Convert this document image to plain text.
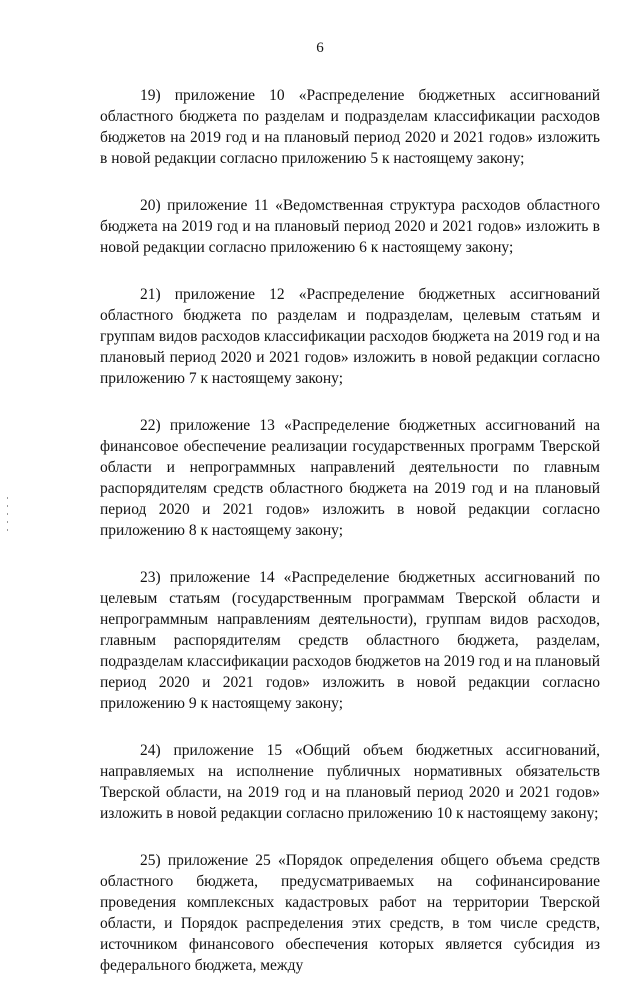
6

19) приложение 10 «Распределение бюджетных ассигнований областного бюджета по разделам и подразделам классификации расходов бюджетов на 2019 год и на плановый период 2020 и 2021 годов» изложить в новой редакции согласно приложению 5 к настоящему закону;

20) приложение 11 «Ведомственная структура расходов областного бюджета на 2019 год и на плановый период 2020 и 2021 годов» изложить в новой редакции согласно приложению 6 к настоящему закону;

21) приложение 12 «Распределение бюджетных ассигнований областного бюджета по разделам и подразделам, целевым статьям и группам видов расходов классификации расходов бюджета на 2019 год и на плановый период 2020 и 2021 годов» изложить в новой редакции согласно приложению 7 к настоящему закону;

22) приложение 13 «Распределение бюджетных ассигнований на финансовое обеспечение реализации государственных программ Тверской области и непрограммных направлений деятельности по главным распорядителям средств областного бюджета на 2019 год и на плановый период 2020 и 2021 годов» изложить в новой редакции согласно приложению 8 к настоящему закону;

23) приложение 14 «Распределение бюджетных ассигнований по целевым статьям (государственным программам Тверской области и непрограммным направлениям деятельности), группам видов расходов, главным распорядителям средств областного бюджета, разделам, подразделам классификации расходов бюджетов на 2019 год и на плановый период 2020 и 2021 годов» изложить в новой редакции согласно приложению 9 к настоящему закону;

24) приложение 15 «Общий объем бюджетных ассигнований, направляемых на исполнение публичных нормативных обязательств Тверской области, на 2019 год и на плановый период 2020 и 2021 годов» изложить в новой редакции согласно приложению 10 к настоящему закону;

25) приложение 25 «Порядок определения общего объема средств областного бюджета, предусматриваемых на софинансирование проведения комплексных кадастровых работ на территории Тверской области, и Порядок распределения этих средств, в том числе средств, источником финансового обеспечения которых является субсидия из федерального бюджета, между
